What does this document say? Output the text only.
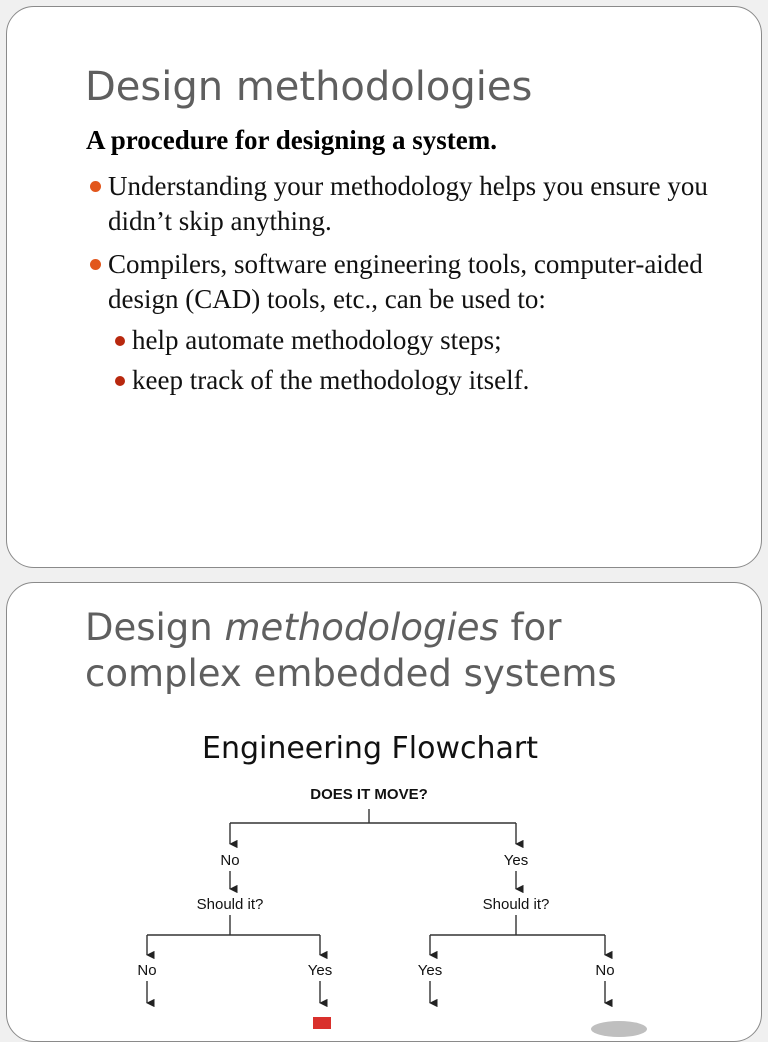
Design methodologies

A procedure for designing a system.

Understanding your methodology helps you ensure you didn’t skip anything.
Compilers, software engineering tools, computer-aided design (CAD) tools, etc., can be used to:
help automate methodology steps;
keep track of the methodology itself.
Design methodologies for complex embedded systems
Engineering Flowchart
DOES IT MOVE?
No	Yes
Should it?	Should it?
No	Yes	Yes	No
